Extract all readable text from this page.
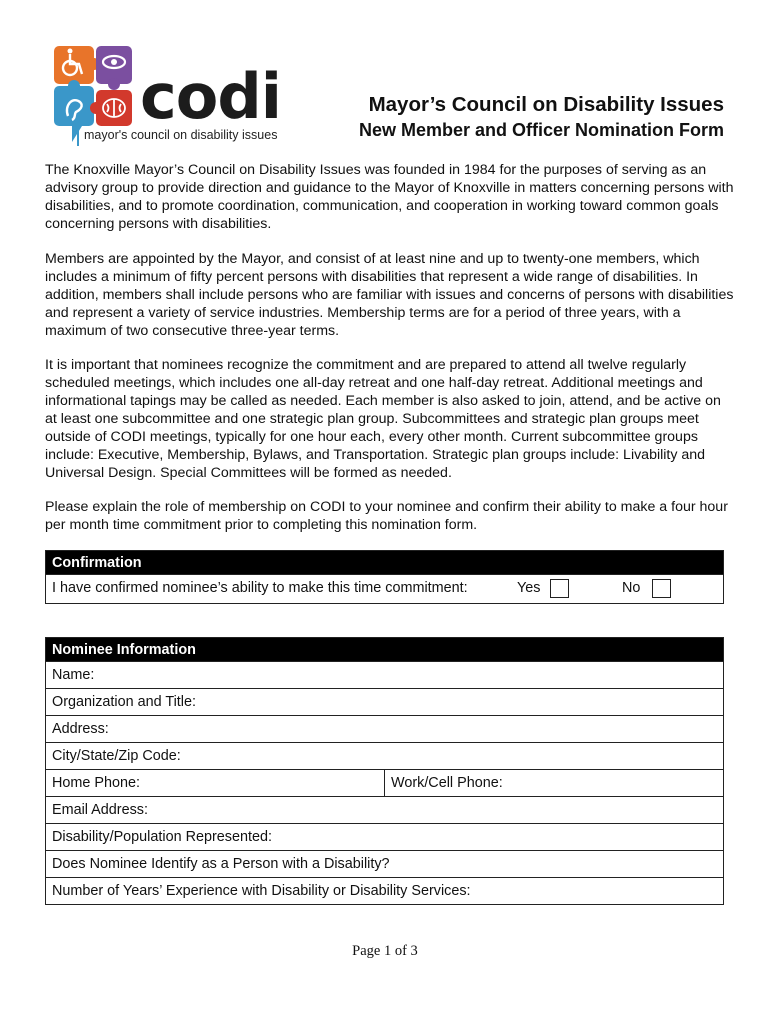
codi
mayor's council on disability issues
Mayor’s Council on Disability Issues
New Member and Officer Nomination Form

The Knoxville Mayor’s Council on Disability Issues was founded in 1984 for the purposes of serving as an advisory group to provide direction and guidance to the Mayor of Knoxville in matters concerning persons with disabilities, and to promote coordination, communication, and cooperation in working toward common goals concerning persons with disabilities.

Members are appointed by the Mayor, and consist of at least nine and up to twenty-one members, which includes a minimum of fifty percent persons with disabilities that represent a wide range of disabilities. In addition, members shall include persons who are familiar with issues and concerns of persons with disabilities and represent a variety of service industries. Membership terms are for a period of three years, with a maximum of two consecutive three-year terms.

It is important that nominees recognize the commitment and are prepared to attend all twelve regularly scheduled meetings, which includes one all-day retreat and one half-day retreat. Additional meetings and informational tapings may be called as needed. Each member is also asked to join, attend, and be active on at least one subcommittee and one strategic plan group. Subcommittees and strategic plan groups meet outside of CODI meetings, typically for one hour each, every other month. Current subcommittee groups include: Executive, Membership, Bylaws, and Transportation. Strategic plan groups include: Livability and Universal Design. Special Committees will be formed as needed.

Please explain the role of membership on CODI to your nominee and confirm their ability to make a four hour per month time commitment prior to completing this nomination form.

Confirmation
I have confirmed nominee’s ability to make this time commitment:	Yes	No
Nominee Information
Name:
Organization and Title:
Address:
City/State/Zip Code:
Home Phone:	Work/Cell Phone:
Email Address:
Disability/Population Represented:
Does Nominee Identify as a Person with a Disability?
Number of Years’ Experience with Disability or Disability Services:
Page 1 of 3
